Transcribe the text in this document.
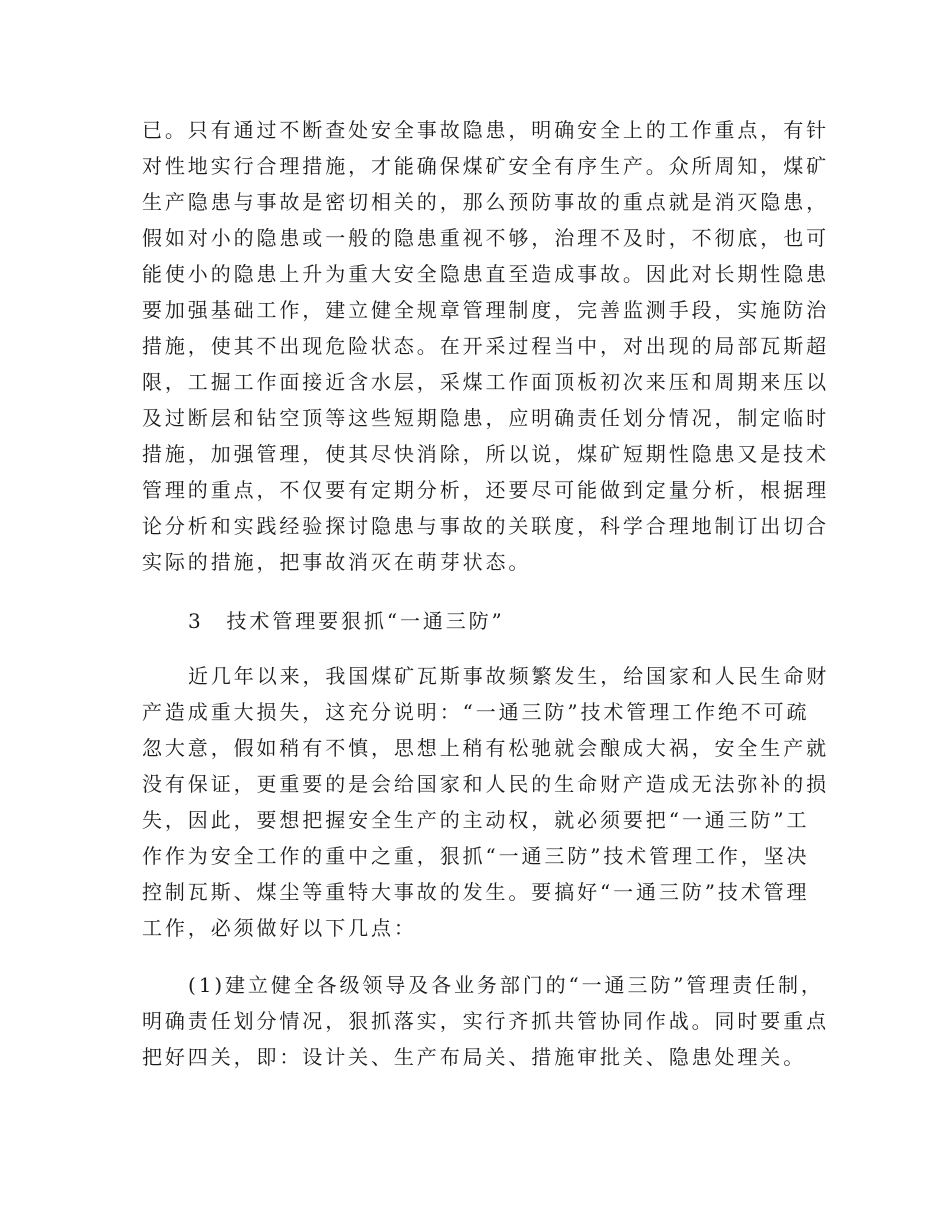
已。只有通过不断查处安全事故隐患，明确安全上的工作重点，有针
对性地实行合理措施，才能确保煤矿安全有序生产。众所周知，煤矿
生产隐患与事故是密切相关的，那么预防事故的重点就是消灭隐患，
假如对小的隐患或一般的隐患重视不够，治理不及时，不彻底，也可
能使小的隐患上升为重大安全隐患直至造成事故。因此对长期性隐患
要加强基础工作，建立健全规章管理制度，完善监测手段，实施防治
措施，使其不出现危险状态。在开采过程当中，对出现的局部瓦斯超
限，工掘工作面接近含水层，采煤工作面顶板初次来压和周期来压以
及过断层和钻空顶等这些短期隐患，应明确责任划分情况，制定临时
措施，加强管理，使其尽快消除，所以说，煤矿短期性隐患又是技术
管理的重点，不仅要有定期分析，还要尽可能做到定量分析，根据理
论分析和实践经验探讨隐患与事故的关联度，科学合理地制订出切合
实际的措施，把事故消灭在萌芽状态。
3　技术管理要狠抓“一通三防”
近几年以来，我国煤矿瓦斯事故频繁发生，给国家和人民生命财
产造成重大损失，这充分说明：“一通三防”技术管理工作绝不可疏
忽大意，假如稍有不慎，思想上稍有松驰就会酿成大祸，安全生产就
没有保证，更重要的是会给国家和人民的生命财产造成无法弥补的损
失，因此，要想把握安全生产的主动权，就必须要把“一通三防”工
作作为安全工作的重中之重，狠抓“一通三防”技术管理工作，坚决
控制瓦斯、煤尘等重特大事故的发生。要搞好“一通三防”技术管理
工作，必须做好以下几点：
(1)建立健全各级领导及各业务部门的“一通三防”管理责任制，
明确责任划分情况，狠抓落实，实行齐抓共管协同作战。同时要重点
把好四关，即：设计关、生产布局关、措施审批关、隐患处理关。
